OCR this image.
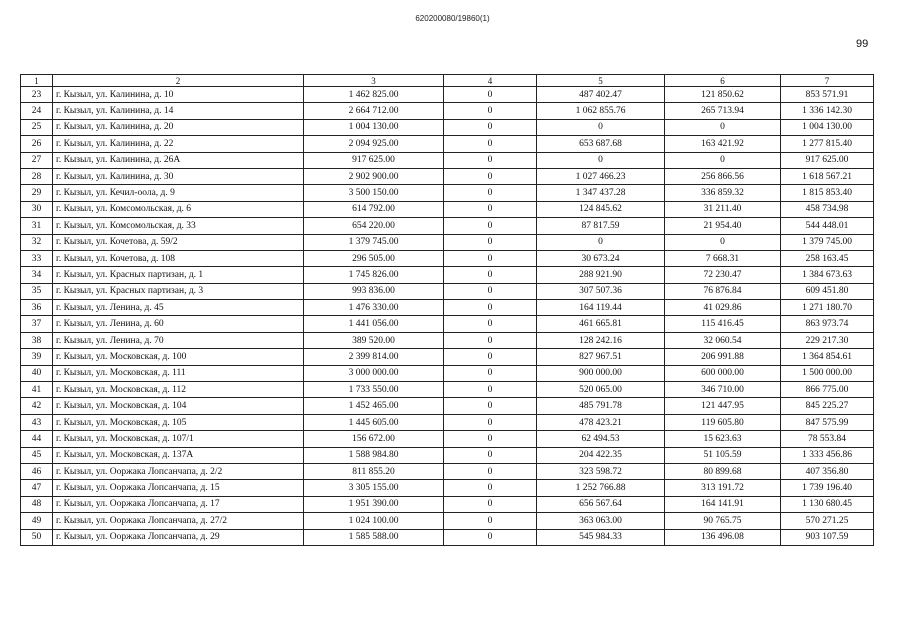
620200080/19860(1)
99
1	2	3	4	5	6	7
23	г. Кызыл, ул. Калинина, д. 10	1 462 825.00	0	487 402.47	121 850.62	853 571.91
24	г. Кызыл, ул. Калинина, д. 14	2 664 712.00	0	1 062 855.76	265 713.94	1 336 142.30
25	г. Кызыл, ул. Калинина, д. 20	1 004 130.00	0	0	0	1 004 130.00
26	г. Кызыл, ул. Калинина, д. 22	2 094 925.00	0	653 687.68	163 421.92	1 277 815.40
27	г. Кызыл, ул. Калинина, д. 26А	917 625.00	0	0	0	917 625.00
28	г. Кызыл, ул. Калинина, д. 30	2 902 900.00	0	1 027 466.23	256 866.56	1 618 567.21
29	г. Кызыл, ул. Кечил-оола, д. 9	3 500 150.00	0	1 347 437.28	336 859.32	1 815 853.40
30	г. Кызыл, ул. Комсомольская, д. 6	614 792.00	0	124 845.62	31 211.40	458 734.98
31	г. Кызыл, ул. Комсомольская, д. 33	654 220.00	0	87 817.59	21 954.40	544 448.01
32	г. Кызыл, ул. Кочетова, д. 59/2	1 379 745.00	0	0	0	1 379 745.00
33	г. Кызыл, ул. Кочетова, д. 108	296 505.00	0	30 673.24	7 668.31	258 163.45
34	г. Кызыл, ул. Красных партизан, д. 1	1 745 826.00	0	288 921.90	72 230.47	1 384 673.63
35	г. Кызыл, ул. Красных партизан, д. 3	993 836.00	0	307 507.36	76 876.84	609 451.80
36	г. Кызыл, ул. Ленина, д. 45	1 476 330.00	0	164 119.44	41 029.86	1 271 180.70
37	г. Кызыл, ул. Ленина, д. 60	1 441 056.00	0	461 665.81	115 416.45	863 973.74
38	г. Кызыл, ул. Ленина, д. 70	389 520.00	0	128 242.16	32 060.54	229 217.30
39	г. Кызыл, ул. Московская, д. 100	2 399 814.00	0	827 967.51	206 991.88	1 364 854.61
40	г. Кызыл, ул. Московская, д. 111	3 000 000.00	0	900 000.00	600 000.00	1 500 000.00
41	г. Кызыл, ул. Московская, д. 112	1 733 550.00	0	520 065.00	346 710.00	866 775.00
42	г. Кызыл, ул. Московская, д. 104	1 452 465.00	0	485 791.78	121 447.95	845 225.27
43	г. Кызыл, ул. Московская, д. 105	1 445 605.00	0	478 423.21	119 605.80	847 575.99
44	г. Кызыл, ул. Московская, д. 107/1	156 672.00	0	62 494.53	15 623.63	78 553.84
45	г. Кызыл, ул. Московская, д. 137А	1 588 984.80	0	204 422.35	51 105.59	1 333 456.86
46	г. Кызыл, ул. Ооржака Лопсанчапа, д. 2/2	811 855.20	0	323 598.72	80 899.68	407 356.80
47	г. Кызыл, ул. Ооржака Лопсанчапа, д. 15	3 305 155.00	0	1 252 766.88	313 191.72	1 739 196.40
48	г. Кызыл, ул. Ооржака Лопсанчапа, д. 17	1 951 390.00	0	656 567.64	164 141.91	1 130 680.45
49	г. Кызыл, ул. Ооржака Лопсанчапа, д. 27/2	1 024 100.00	0	363 063.00	90 765.75	570 271.25
50	г. Кызыл, ул. Ооржака Лопсанчапа, д. 29	1 585 588.00	0	545 984.33	136 496.08	903 107.59
